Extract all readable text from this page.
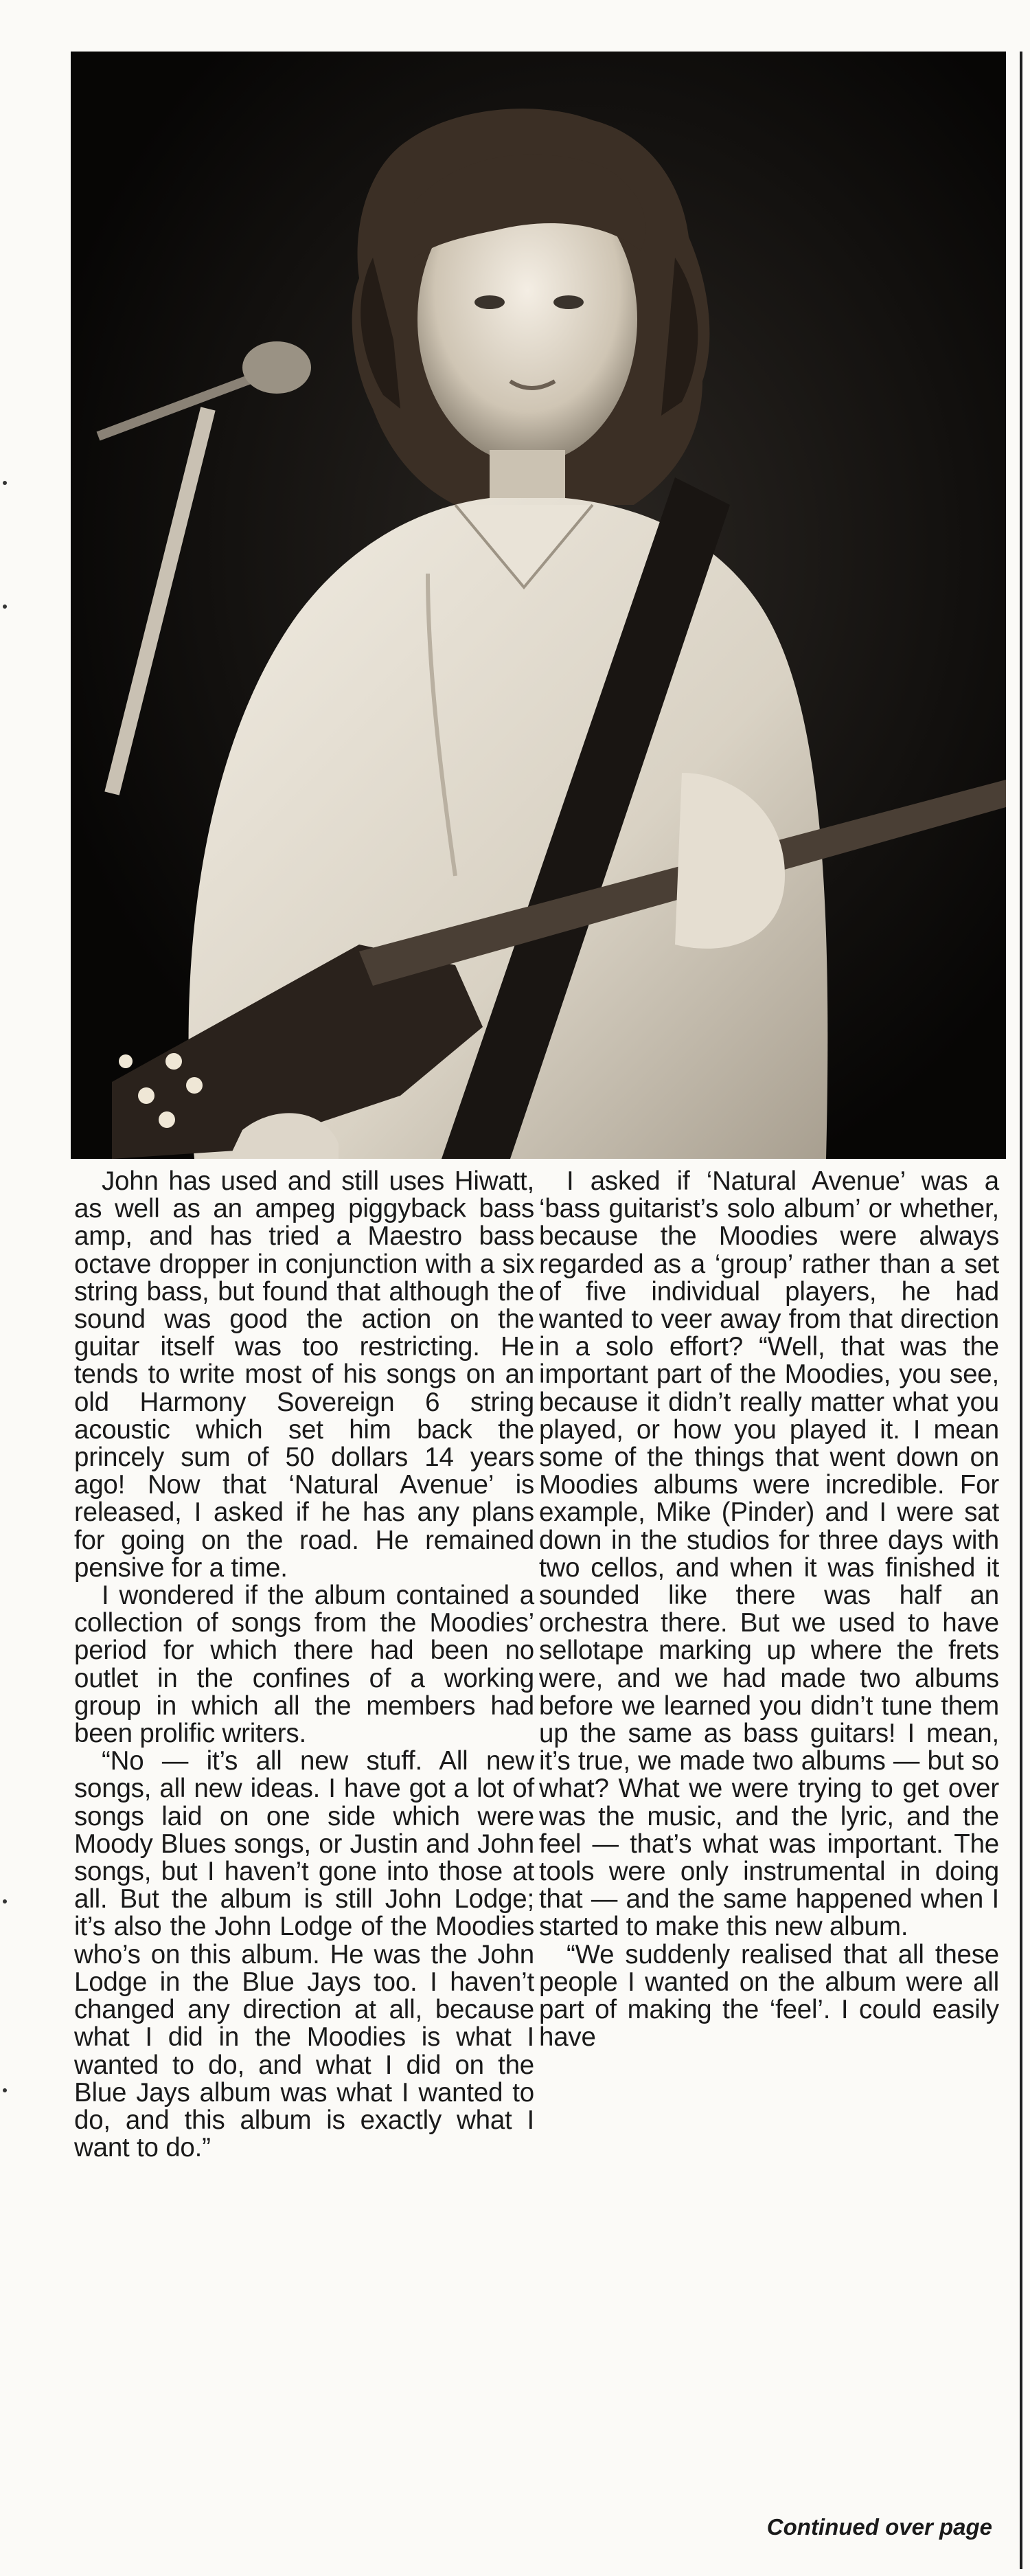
John has used and still uses Hiwatt, as well as an ampeg piggyback bass amp, and has tried a Maestro bass octave dropper in conjunction with a six string bass, but found that although the sound was good the action on the guitar itself was too restricting. He tends to write most of his songs on an old Harmony Sovereign 6 string acoustic which set him back the princely sum of 50 dollars 14 years ago! Now that ‘Natural Avenue’ is released, I asked if he has any plans for going on the road. He remained pensive for a time.

I wondered if the album contained a collection of songs from the Moodies’ period for which there had been no outlet in the confines of a working group in which all the members had been prolific writers.

“No — it’s all new stuff. All new songs, all new ideas. I have got a lot of songs laid on one side which were Moody Blues songs, or Justin and John songs, but I haven’t gone into those at all. But the album is still John Lodge; it’s also the John Lodge of the Moodies who’s on this album. He was the John Lodge in the Blue Jays too. I haven’t changed any direction at all, because what I did in the Moodies is what I wanted to do, and what I did on the Blue Jays album was what I wanted to do, and this album is exactly what I want to do.”

I asked if ‘Natural Avenue’ was a ‘bass guitarist’s solo album’ or whether, because the Moodies were always regarded as a ‘group’ rather than a set of five individual players, he had wanted to veer away from that direction in a solo effort? “Well, that was the important part of the Moodies, you see, because it didn’t really matter what you played, or how you played it. I mean some of the things that went down on Moodies albums were incredible. For example, Mike (Pinder) and I were sat down in the studios for three days with two cellos, and when it was finished it sounded like there was half an orchestra there. But we used to have sellotape marking up where the frets were, and we had made two albums before we learned you didn’t tune them up the same as bass guitars! I mean, it’s true, we made two albums — but so what? What we were trying to get over was the music, and the lyric, and the feel — that’s what was important. The tools were only instrumental in doing that — and the same happened when I started to make this new album.

“We suddenly realised that all these people I wanted on the album were all part of making the ‘feel’. I could easily have

Continued over page
